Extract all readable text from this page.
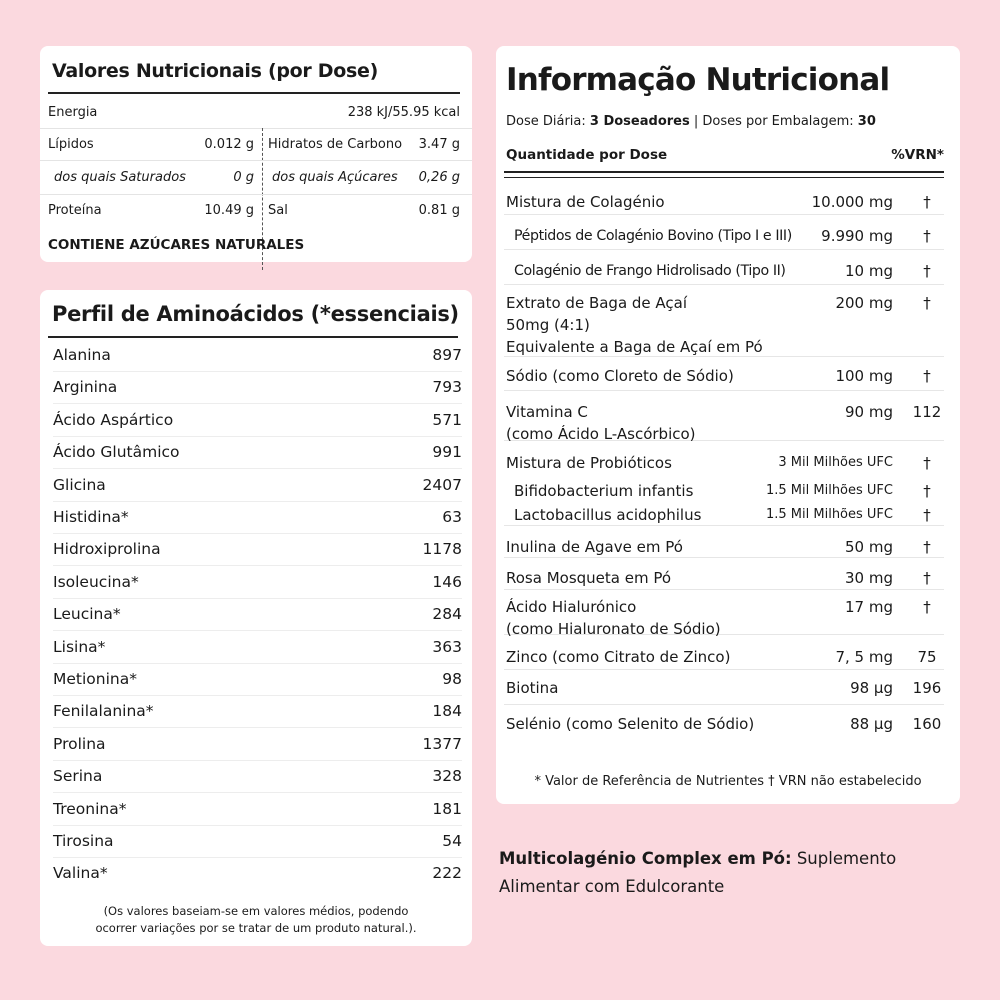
Valores Nutricionais (por Dose)
Energia	238 kJ/55.95 kcal
Lípidos	0.012 g Hidratos de Carbono 3.47 g
dos quais Saturados	0 g dos quais Açúcares 0,26 g
Proteína	10.49 g Sal	0.81 g
CONTIENE AZÚCARES NATURALES
Perfil de Aminoácidos (*essenciais)
Alanina	897
Arginina	793
Ácido Aspártico	571
Ácido Glutâmico	991
Glicina	2407
Histidina*	63
Hidroxiprolina	1178
Isoleucina*	146
Leucina*	284
Lisina*	363
Metionina*	98
Fenilalanina*	184
Prolina	1377
Serina	328
Treonina*	181
Tirosina	54
Valina*	222
(Os valores baseiam-se em valores médios, podendo
ocorrer variações por se tratar de um produto natural.).
Informação Nutricional
Dose Diária: 3 Doseadores | Doses por Embalagem: 30
Quantidade por Dose	%VRN*
Mistura de Colagénio	10.000 mg	†
Péptidos de Colagénio Bovino (Tipo I e III) 9.990 mg	†
Colagénio de Frango Hidrolisado (Tipo II)	10 mg	†
Extrato de Baga de Açaí
50mg (4:1)
Equivalente a Baga de Açaí em Pó
200 mg	†
Sódio (como Cloreto de Sódio)	100 mg	†
Vitamina C
(como Ácido L-Ascórbico)
90 mg 112
Mistura de Probióticos	3 Mil Milhões UFC	†
Bifidobacterium infantis	1.5 Mil Milhões UFC	†
Lactobacillus acidophilus	1.5 Mil Milhões UFC	†
Inulina de Agave em Pó	50 mg	†
Rosa Mosqueta em Pó	30 mg	†
Ácido Hialurónico
(como Hialuronato de Sódio)
17 mg	†
Zinco (como Citrato de Zinco)	7, 5 mg	75
Biotina	98 µg 196
Selénio (como Selenito de Sódio)	88 µg 160
* Valor de Referência de Nutrientes † VRN não estabelecido
Multicolagénio Complex em Pó: Suplemento
Alimentar com Edulcorante
